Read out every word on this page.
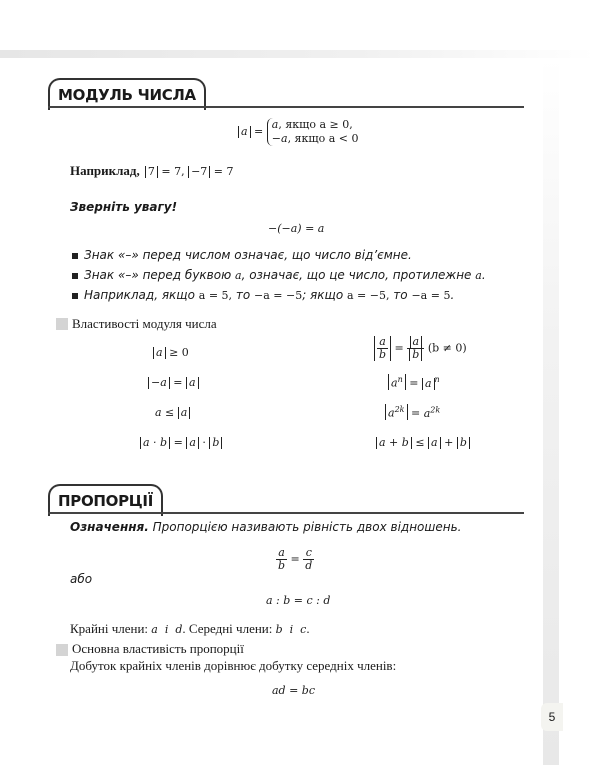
МОДУЛЬ ЧИСЛА
a = a, якщо a ≥ 0,
−a, якщо a < 0
Наприклад, 7 = 7, −7 = 7
Зверніть увагу!
−(−a) = a
Знак «–» перед числом означає, що число від’ємне.
Знак «–» перед буквою a, означає, що це число, протилежне a.
Наприклад, якщо a = 5, то −a = −5; якщо a = −5, то −a = 5.
Властивості модуля числа
a ≥ 0
−a = a
a ≤ a
a · b = a · b
$\frac{a}{b} = \frac{a}{b} (b \ne 0)$
$a^n = a$ $^n$
$a^{2k} = a^{2k}$
a + b ≤ a + b
ПРОПОРЦІЇ
Означення. Пропорцією називають рівність двох відношень.
$\frac{a}{b} = \frac{c}{d}$
або
a : b = c : d
Крайні члени: a  і  d. Середні члени: b  і  c.
Основна властивість пропорції
Добуток крайніх членів дорівнює добутку середніх членів:
ad = bc
5
